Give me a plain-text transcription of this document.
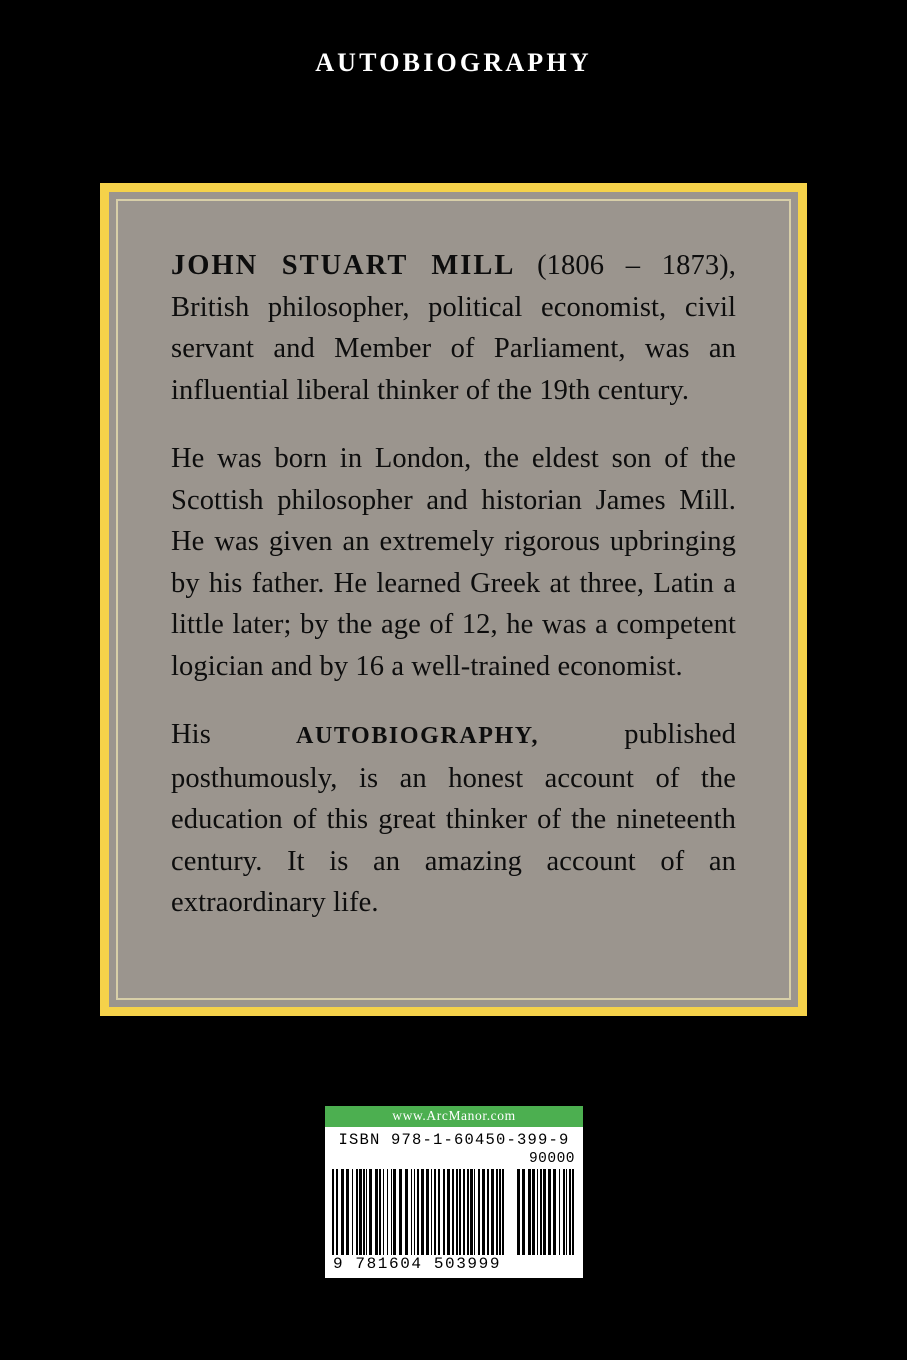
AUTOBIOGRAPHY

JOHN STUART MILL (1806 – 1873), British philosopher, political economist, civil servant and Member of Parliament, was an influential liberal thinker of the 19th century.

He was born in London, the eldest son of the Scottish philosopher and historian James Mill. He was given an extremely rigorous upbringing by his father. He learned Greek at three, Latin a little later; by the age of 12, he was a competent logician and by 16 a well-trained economist.

His AUTOBIOGRAPHY, published posthumously, is an honest account of the education of this great thinker of the nineteenth century. It is an amazing account of an extraordinary life.

www.ArcManor.com
ISBN 978-1-60450-399-9
90000
9 781604 503999
